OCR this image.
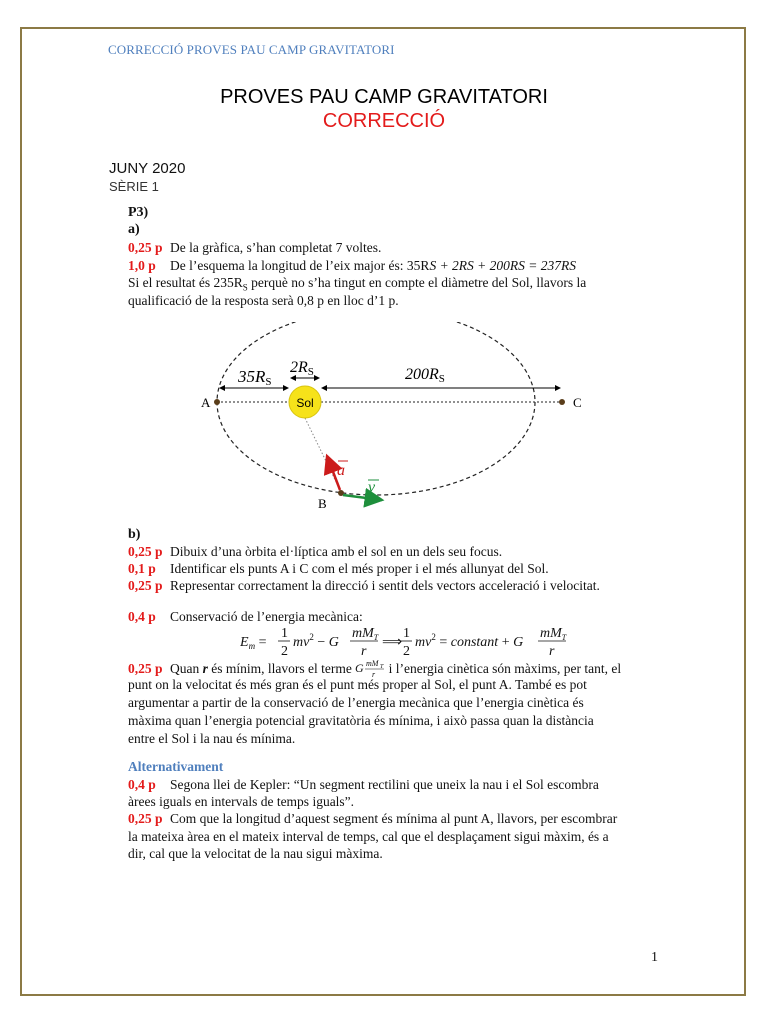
CORRECCIÓ PROVES PAU CAMP GRAVITATORI
PROVES PAU CAMP GRAVITATORI
CORRECCIÓ
JUNY 2020
SÈRIE 1
P3)
a)
0,25 p De la gràfica, s’han completat 7 voltes.
1,0 p De l’esquema la longitud de l’eix major és: 35RS + 2RS + 200RS = 237RS
Si el resultat és $235R_S$ perquè no s’ha tingut en compte el diàmetre del Sol, llavors la
qualificació de la resposta serà 0,8 p en lloc d’1 p.
35RS
2RS	200RS
Sol
A	C
B
a
v
b)
0,25 p Dibuix d’una òrbita el·líptica amb el sol en un dels seu focus.
0,1 p Identificar els punts A i C com el més proper i el més allunyat del Sol.
0,25 p Representar correctament la direcció i sentit dels vectors acceleració i velocitat.
0,4 p Conservació de l’energia mecànica:
$E_m$ =
1
2
$mv^2 - G$
$mM_T$
r
⟹
1
2
$mv^2$ = constant + G
$mM_T$
r
0,25 p Quan r és mínim, llavors el terme G mM T
r i l’energia cinètica són màxims, per tant, el
punt on la velocitat és més gran és el punt més proper al Sol, el punt A. També es pot
argumentar a partir de la conservació de l’energia mecànica que l’energia cinètica és
màxima quan l’energia potencial gravitatòria és mínima, i això passa quan la distància
entre el Sol i la nau és mínima.
Alternativament
0,4 p Segona llei de Kepler: “Un segment rectilini que uneix la nau i el Sol escombra
àrees iguals en intervals de temps iguals”.
0,25 p Com que la longitud d’aquest segment és mínima al punt A, llavors, per escombrar
la mateixa àrea en el mateix interval de temps, cal que el desplaçament sigui màxim, és a
dir, cal que la velocitat de la nau sigui màxima.
1
